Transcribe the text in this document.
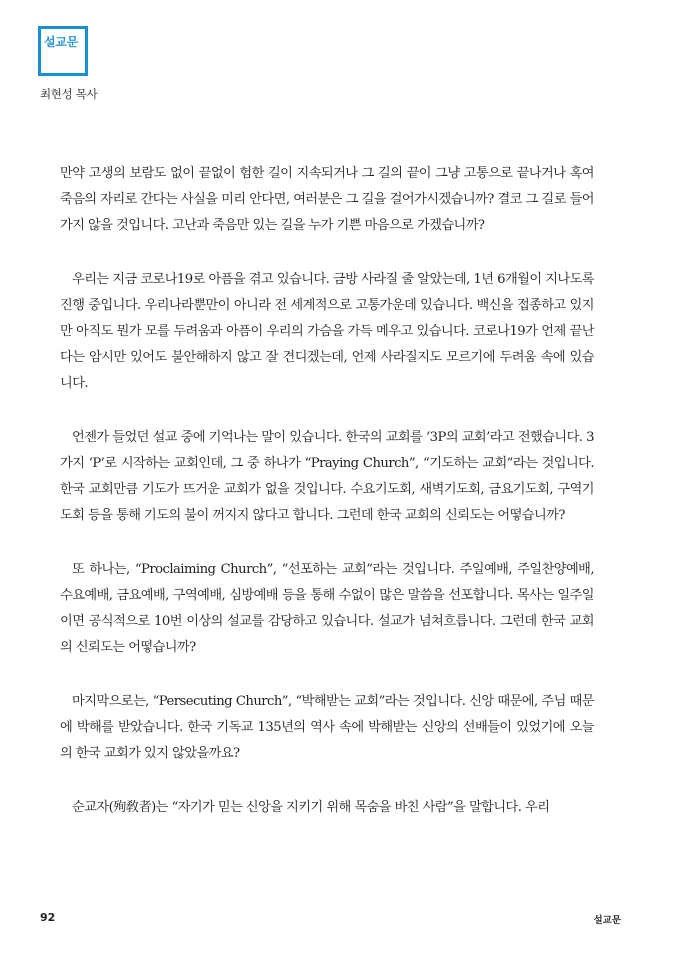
설교문
최현성 목사

만약 고생의 보람도 없이 끝없이 험한 길이 지속되거나 그 길의 끝이 그냥 고통으로 끝나거나 혹여 죽음의 자리로 간다는 사실을 미리 안다면, 여러분은 그 길을 걸어가시겠습니까? 결코 그 길로 들어가지 않을 것입니다. 고난과 죽음만 있는 길을 누가 기쁜 마음으로 가겠습니까?

우리는 지금 코로나19로 아픔을 겪고 있습니다. 금방 사라질 줄 알았는데, 1년 6개월이 지나도록 진행 중입니다. 우리나라뿐만이 아니라 전 세계적으로 고통가운데 있습니다. 백신을 접종하고 있지만 아직도 뭔가 모를 두려움과 아픔이 우리의 가슴을 가득 메우고 있습니다. 코로나19가 언제 끝난다는 암시만 있어도 불안해하지 않고 잘 견디겠는데, 언제 사라질지도 모르기에 두려움 속에 있습니다.

언젠가 들었던 설교 중에 기억나는 말이 있습니다. 한국의 교회를 ‘3P의 교회’라고 전했습니다. 3가지 ‘P’로 시작하는 교회인데, 그 중 하나가 “Praying Church”, “기도하는 교회”라는 것입니다. 한국 교회만큼 기도가 뜨거운 교회가 없을 것입니다. 수요기도회, 새벽기도회, 금요기도회, 구역기도회 등을 통해 기도의 불이 꺼지지 않다고 합니다. 그런데 한국 교회의 신뢰도는 어떻습니까?

또 하나는, “Proclaiming Church”, “선포하는 교회”라는 것입니다. 주일예배, 주일찬양예배, 수요예배, 금요예배, 구역예배, 심방예배 등을 통해 수없이 많은 말씀을 선포합니다. 목사는 일주일이면 공식적으로 10번 이상의 설교를 감당하고 있습니다. 설교가 넘쳐흐릅니다. 그런데 한국 교회의 신뢰도는 어떻습니까?

마지막으로는, “Persecuting Church”, “박해받는 교회”라는 것입니다. 신앙 때문에, 주님 때문에 박해를 받았습니다. 한국 기독교 135년의 역사 속에 박해받는 신앙의 선배들이 있었기에 오늘의 한국 교회가 있지 않았을까요?

순교자(殉敎者)는 “자기가 믿는 신앙을 지키기 위해 목숨을 바친 사람”을 말합니다. 우리

92	설교문
